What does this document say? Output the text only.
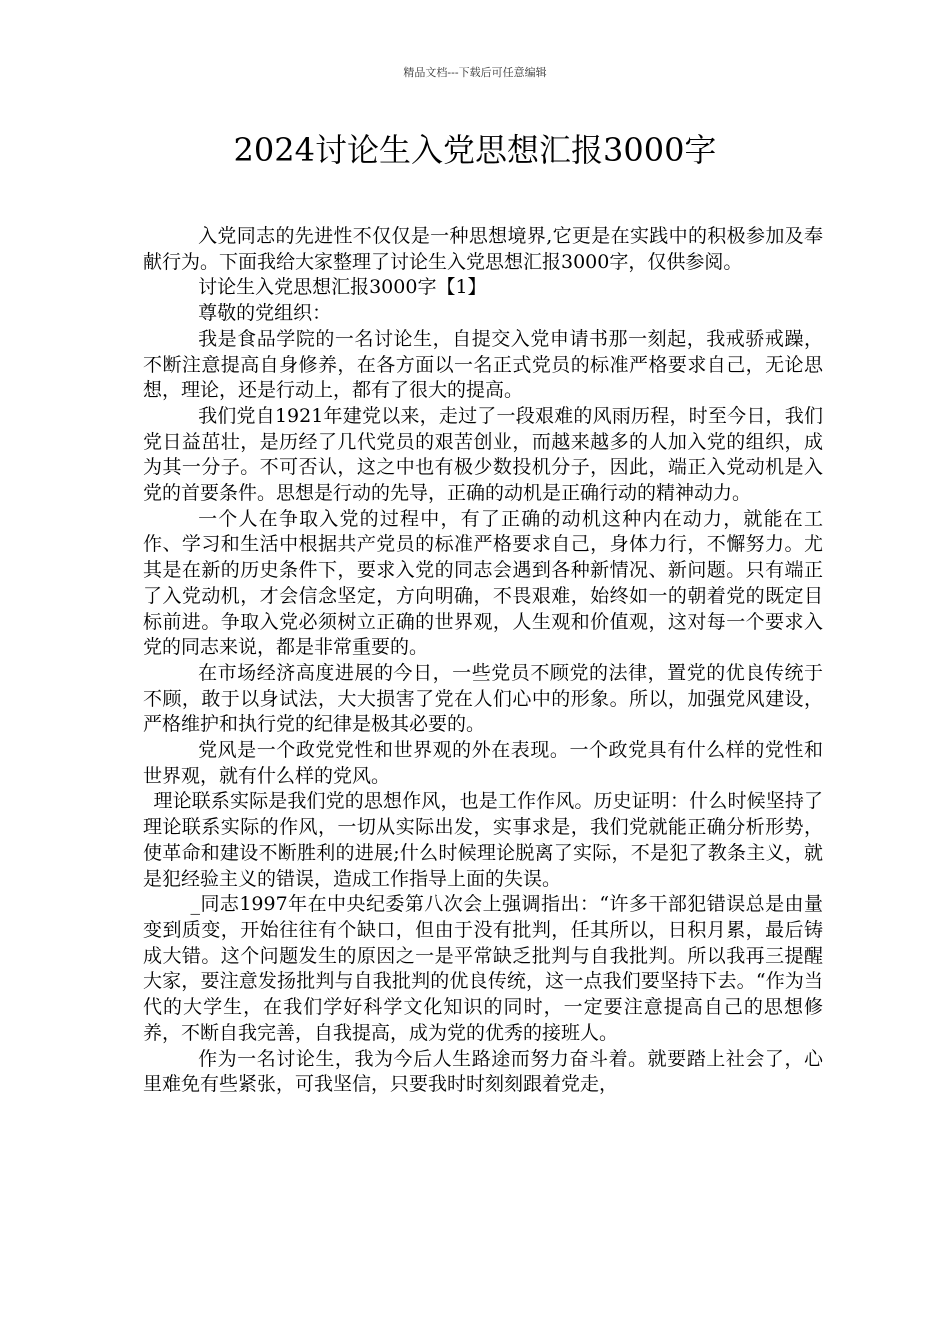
精品文档---下载后可任意编辑
2024讨论生入党思想汇报3000字

入党同志的先进性不仅仅是一种思想境界,它更是在实践中的积极参加及奉献行为。下面我给大家整理了讨论生入党思想汇报3000字，仅供参阅。

讨论生入党思想汇报3000字【1】

尊敬的党组织：

我是食品学院的一名讨论生，自提交入党申请书那一刻起，我戒骄戒躁，不断注意提高自身修养，在各方面以一名正式党员的标准严格要求自己，无论思想，理论，还是行动上，都有了很大的提高。

我们党自1921年建党以来，走过了一段艰难的风雨历程，时至今日，我们党日益茁壮，是历经了几代党员的艰苦创业，而越来越多的人加入党的组织，成为其一分子。不可否认，这之中也有极少数投机分子，因此，端正入党动机是入党的首要条件。思想是行动的先导，正确的动机是正确行动的精神动力。

一个人在争取入党的过程中，有了正确的动机这种内在动力，就能在工作、学习和生活中根据共产党员的标准严格要求自己，身体力行，不懈努力。尤其是在新的历史条件下，要求入党的同志会遇到各种新情况、新问题。只有端正了入党动机，才会信念坚定，方向明确，不畏艰难，始终如一的朝着党的既定目标前进。争取入党必须树立正确的世界观，人生观和价值观，这对每一个要求入党的同志来说，都是非常重要的。

在市场经济高度进展的今日，一些党员不顾党的法律，置党的优良传统于不顾，敢于以身试法，大大损害了党在人们心中的形象。所以，加强党风建设，严格维护和执行党的纪律是极其必要的。

党风是一个政党党性和世界观的外在表现。一个政党具有什么样的党性和世界观，就有什么样的党风。

理论联系实际是我们党的思想作风，也是工作作风。历史证明：什么时候坚持了理论联系实际的作风，一切从实际出发，实事求是，我们党就能正确分析形势，使革命和建设不断胜利的进展;什么时候理论脱离了实际，不是犯了教条主义，就是犯经验主义的错误，造成工作指导上面的失误。

_同志1997年在中央纪委第八次会上强调指出：“许多干部犯错误总是由量变到质变，开始往往有个缺口，但由于没有批判，任其所以，日积月累，最后铸成大错。这个问题发生的原因之一是平常缺乏批判与自我批判。所以我再三提醒大家，要注意发扬批判与自我批判的优良传统，这一点我们要坚持下去。“作为当代的大学生，在我们学好科学文化知识的同时，一定要注意提高自己的思想修养，不断自我完善，自我提高，成为党的优秀的接班人。

作为一名讨论生，我为今后人生路途而努力奋斗着。就要踏上社会了，心里难免有些紧张，可我坚信，只要我时时刻刻跟着党走，
